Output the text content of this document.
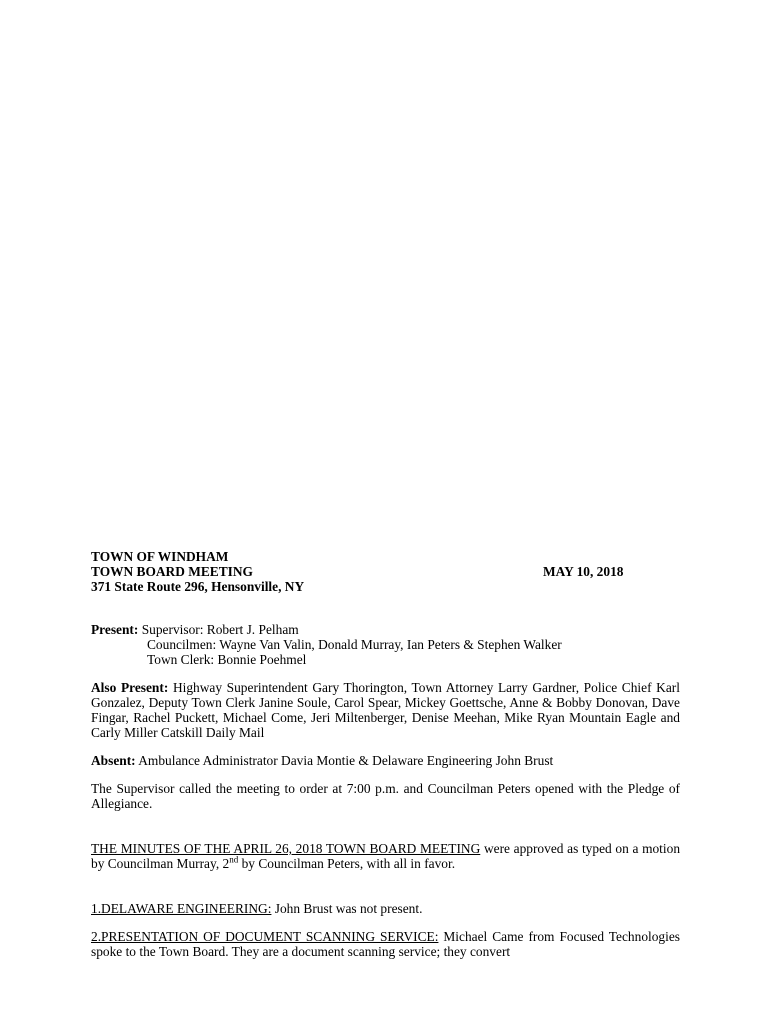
TOWN OF WINDHAM
TOWN BOARD MEETING	MAY 10, 2018
371 State Route 296, Hensonville, NY
Present: Supervisor: Robert J. Pelham
Councilmen: Wayne Van Valin, Donald Murray, Ian Peters & Stephen Walker
Town Clerk: Bonnie Poehmel

Also Present: Highway Superintendent Gary Thorington, Town Attorney Larry Gardner, Police Chief Karl Gonzalez, Deputy Town Clerk Janine Soule, Carol Spear, Mickey Goettsche, Anne & Bobby Donovan, Dave Fingar, Rachel Puckett, Michael Come, Jeri Miltenberger, Denise Meehan, Mike Ryan Mountain Eagle and Carly Miller Catskill Daily Mail

Absent: Ambulance Administrator Davia Montie & Delaware Engineering John Brust

The Supervisor called the meeting to order at 7:00 p.m. and Councilman Peters opened with the Pledge of Allegiance.

THE MINUTES OF THE APRIL 26, 2018 TOWN BOARD MEETING were approved as typed on a motion by Councilman Murray, 2nd by Councilman Peters, with all in favor.

1.DELAWARE ENGINEERING: John Brust was not present.

2.PRESENTATION OF DOCUMENT SCANNING SERVICE: Michael Came from Focused Technologies spoke to the Town Board. They are a document scanning service; they convert
